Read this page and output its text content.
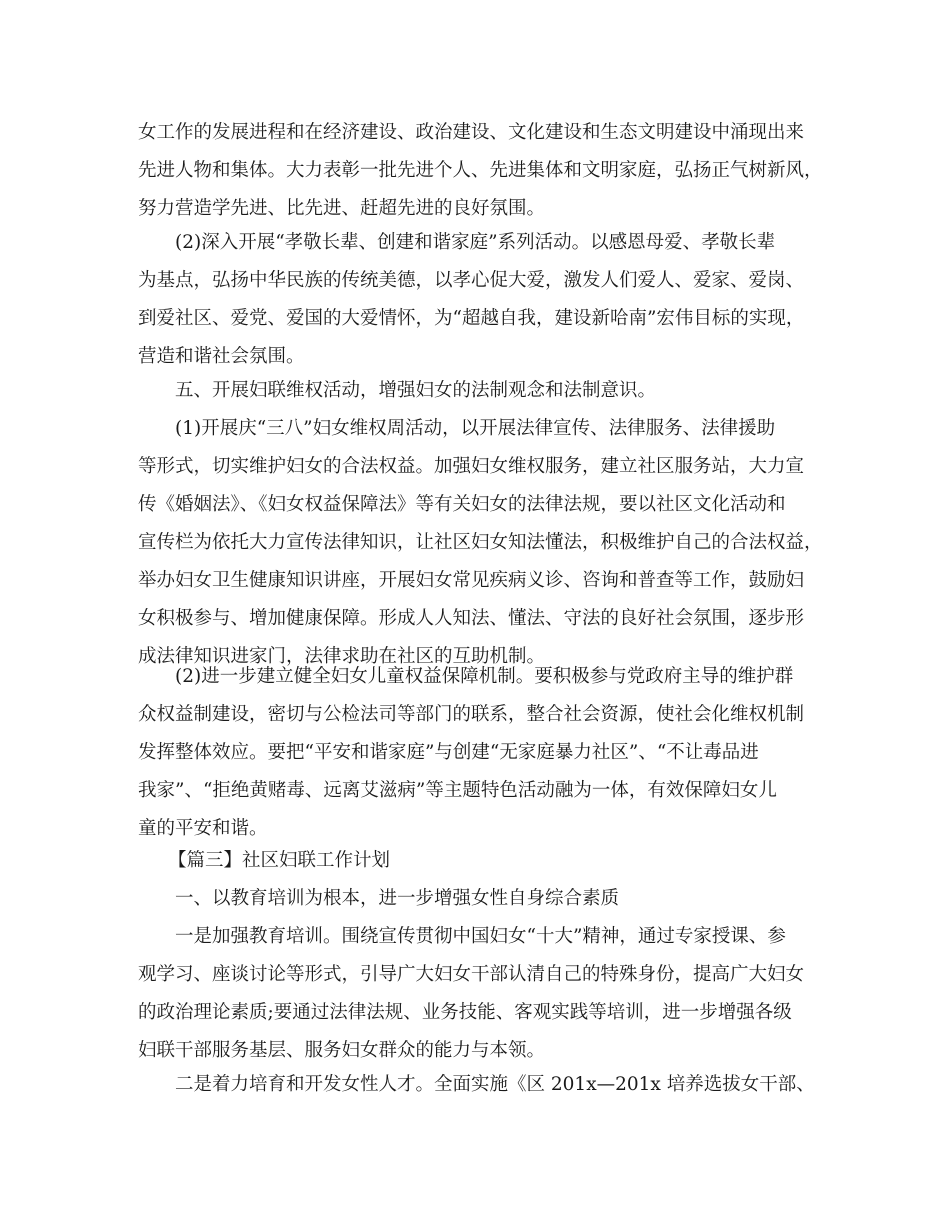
女工作的发展进程和在经济建设、政治建设、文化建设和生态文明建设中涌现出来
先进人物和集体。大力表彰一批先进个人、先进集体和文明家庭，弘扬正气树新风，
努力营造学先进、比先进、赶超先进的良好氛围。
(2)深入开展“孝敬长辈、创建和谐家庭”系列活动。以感恩母爱、孝敬长辈
为基点，弘扬中华民族的传统美德，以孝心促大爱，激发人们爱人、爱家、爱岗、
到爱社区、爱党、爱国的大爱情怀，为“超越自我，建设新哈南”宏伟目标的实现，
营造和谐社会氛围。
五、开展妇联维权活动，增强妇女的法制观念和法制意识。
(1)开展庆“三八”妇女维权周活动，以开展法律宣传、法律服务、法律援助
等形式，切实维护妇女的合法权益。加强妇女维权服务，建立社区服务站，大力宣
传《婚姻法》、《妇女权益保障法》等有关妇女的法律法规，要以社区文化活动和
宣传栏为依托大力宣传法律知识，让社区妇女知法懂法，积极维护自己的合法权益，
举办妇女卫生健康知识讲座，开展妇女常见疾病义诊、咨询和普查等工作，鼓励妇
女积极参与、增加健康保障。形成人人知法、懂法、守法的良好社会氛围，逐步形
成法律知识进家门，法律求助在社区的互助机制。
(2)进一步建立健全妇女儿童权益保障机制。要积极参与党政府主导的维护群
众权益制建设，密切与公检法司等部门的联系，整合社会资源，使社会化维权机制
发挥整体效应。要把“平安和谐家庭”与创建“无家庭暴力社区”、“不让毒品进
我家”、“拒绝黄赌毒、远离艾滋病”等主题特色活动融为一体，有效保障妇女儿
童的平安和谐。
【篇三】社区妇联工作计划
一、以教育培训为根本，进一步增强女性自身综合素质
一是加强教育培训。围绕宣传贯彻中国妇女“十大”精神，通过专家授课、参
观学习、座谈讨论等形式，引导广大妇女干部认清自己的特殊身份，提高广大妇女
的政治理论素质;要通过法律法规、业务技能、客观实践等培训，进一步增强各级
妇联干部服务基层、服务妇女群众的能力与本领。
二是着力培育和开发女性人才。全面实施《区 201x—201x 培养选拔女干部、
